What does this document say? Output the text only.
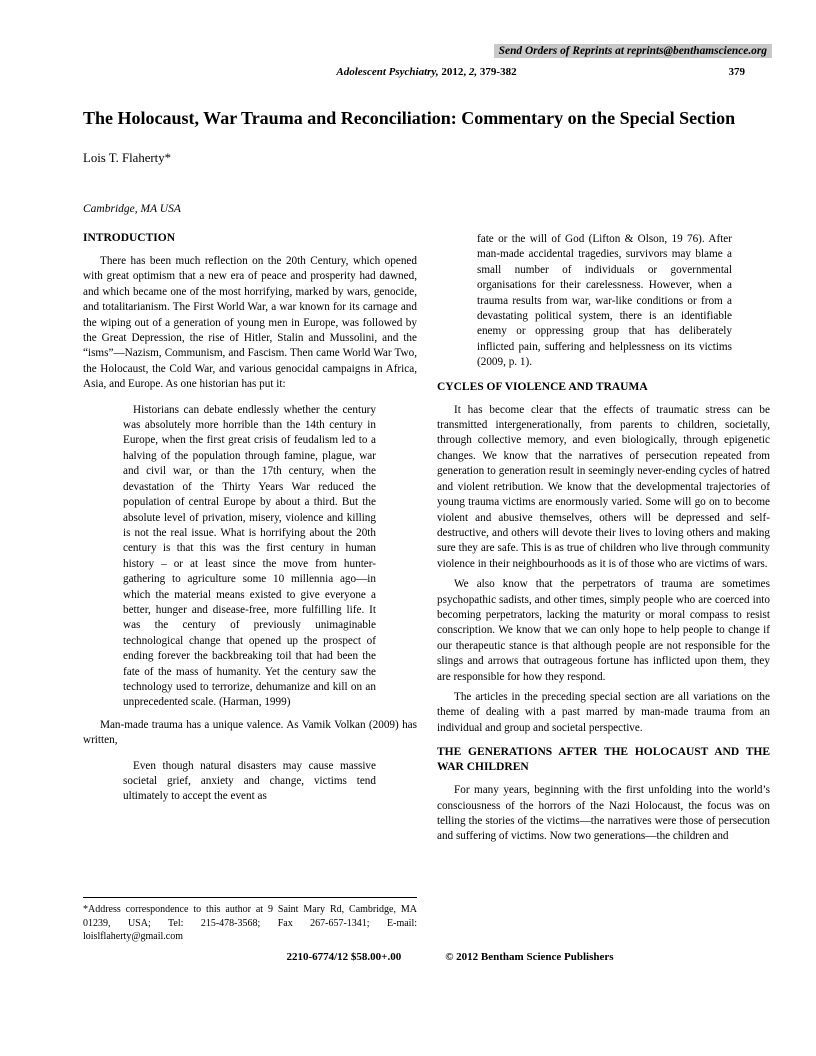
Send Orders of Reprints at reprints@benthamscience.org
Adolescent Psychiatry, 2012, 2, 379-382	379
The Holocaust, War Trauma and Reconciliation: Commentary on the Special Section
Lois T. Flaherty*
Cambridge, MA USA
INTRODUCTION

There has been much reflection on the 20th Century, which opened with great optimism that a new era of peace and prosperity had dawned, and which became one of the most horrifying, marked by wars, genocide, and totalitarianism. The First World War, a war known for its carnage and the wiping out of a generation of young men in Europe, was followed by the Great Depression, the rise of Hitler, Stalin and Mussolini, and the “isms”—Nazism, Communism, and Fascism. Then came World War Two, the Holocaust, the Cold War, and various genocidal campaigns in Africa, Asia, and Europe. As one historian has put it:

Historians can debate endlessly whether the century was absolutely more horrible than the 14th century in Europe, when the first great crisis of feudalism led to a halving of the population through famine, plague, war and civil war, or than the 17th century, when the devastation of the Thirty Years War reduced the population of central Europe by about a third. But the absolute level of privation, misery, violence and killing is not the real issue. What is horrifying about the 20th century is that this was the first century in human history – or at least since the move from hunter-gathering to agriculture some 10 millennia ago—in which the material means existed to give everyone a better, hunger and disease-free, more fulfilling life. It was the century of previously unimaginable technological change that opened up the prospect of ending forever the backbreaking toil that had been the fate of the mass of humanity. Yet the century saw the technology used to terrorize, dehumanize and kill on an unprecedented scale. (Harman, 1999)

Man-made trauma has a unique valence. As Vamik Volkan (2009) has written,

Even though natural disasters may cause massive societal grief, anxiety and change, victims tend ultimately to accept the event as

*Address correspondence to this author at 9 Saint Mary Rd, Cambridge, MA 01239, USA; Tel: 215-478-3568; Fax 267-657-1341; E-mail: loislflaherty@gmail.com

fate or the will of God (Lifton & Olson, 19 76). After man-made accidental tragedies, survivors may blame a small number of individuals or governmental organisations for their carelessness. However, when a trauma results from war, war-like conditions or from a devastating political system, there is an identifiable enemy or oppressing group that has deliberately inflicted pain, suffering and helplessness on its victims (2009, p. 1).

CYCLES OF VIOLENCE AND TRAUMA

It has become clear that the effects of traumatic stress can be transmitted intergenerationally, from parents to children, societally, through collective memory, and even biologically, through epigenetic changes. We know that the narratives of persecution repeated from generation to generation result in seemingly never-ending cycles of hatred and violent retribution. We know that the developmental trajectories of young trauma victims are enormously varied. Some will go on to become violent and abusive themselves, others will be depressed and self-destructive, and others will devote their lives to loving others and making sure they are safe. This is as true of children who live through community violence in their neighbourhoods as it is of those who are victims of wars.

We also know that the perpetrators of trauma are sometimes psychopathic sadists, and other times, simply people who are coerced into becoming perpetrators, lacking the maturity or moral compass to resist conscription. We know that we can only hope to help people to change if our therapeutic stance is that although people are not responsible for the slings and arrows that outrageous fortune has inflicted upon them, they are responsible for how they respond.

The articles in the preceding special section are all variations on the theme of dealing with a past marred by man-made trauma from an individual and group and societal perspective.

THE GENERATIONS AFTER THE HOLOCAUST AND THE WAR CHILDREN

For many years, beginning with the first unfolding into the world’s consciousness of the horrors of the Nazi Holocaust, the focus was on telling the stories of the victims—the narratives were those of persecution and suffering of victims. Now two generations—the children and

2210-6774/12 $58.00+.00	© 2012 Bentham Science Publishers
